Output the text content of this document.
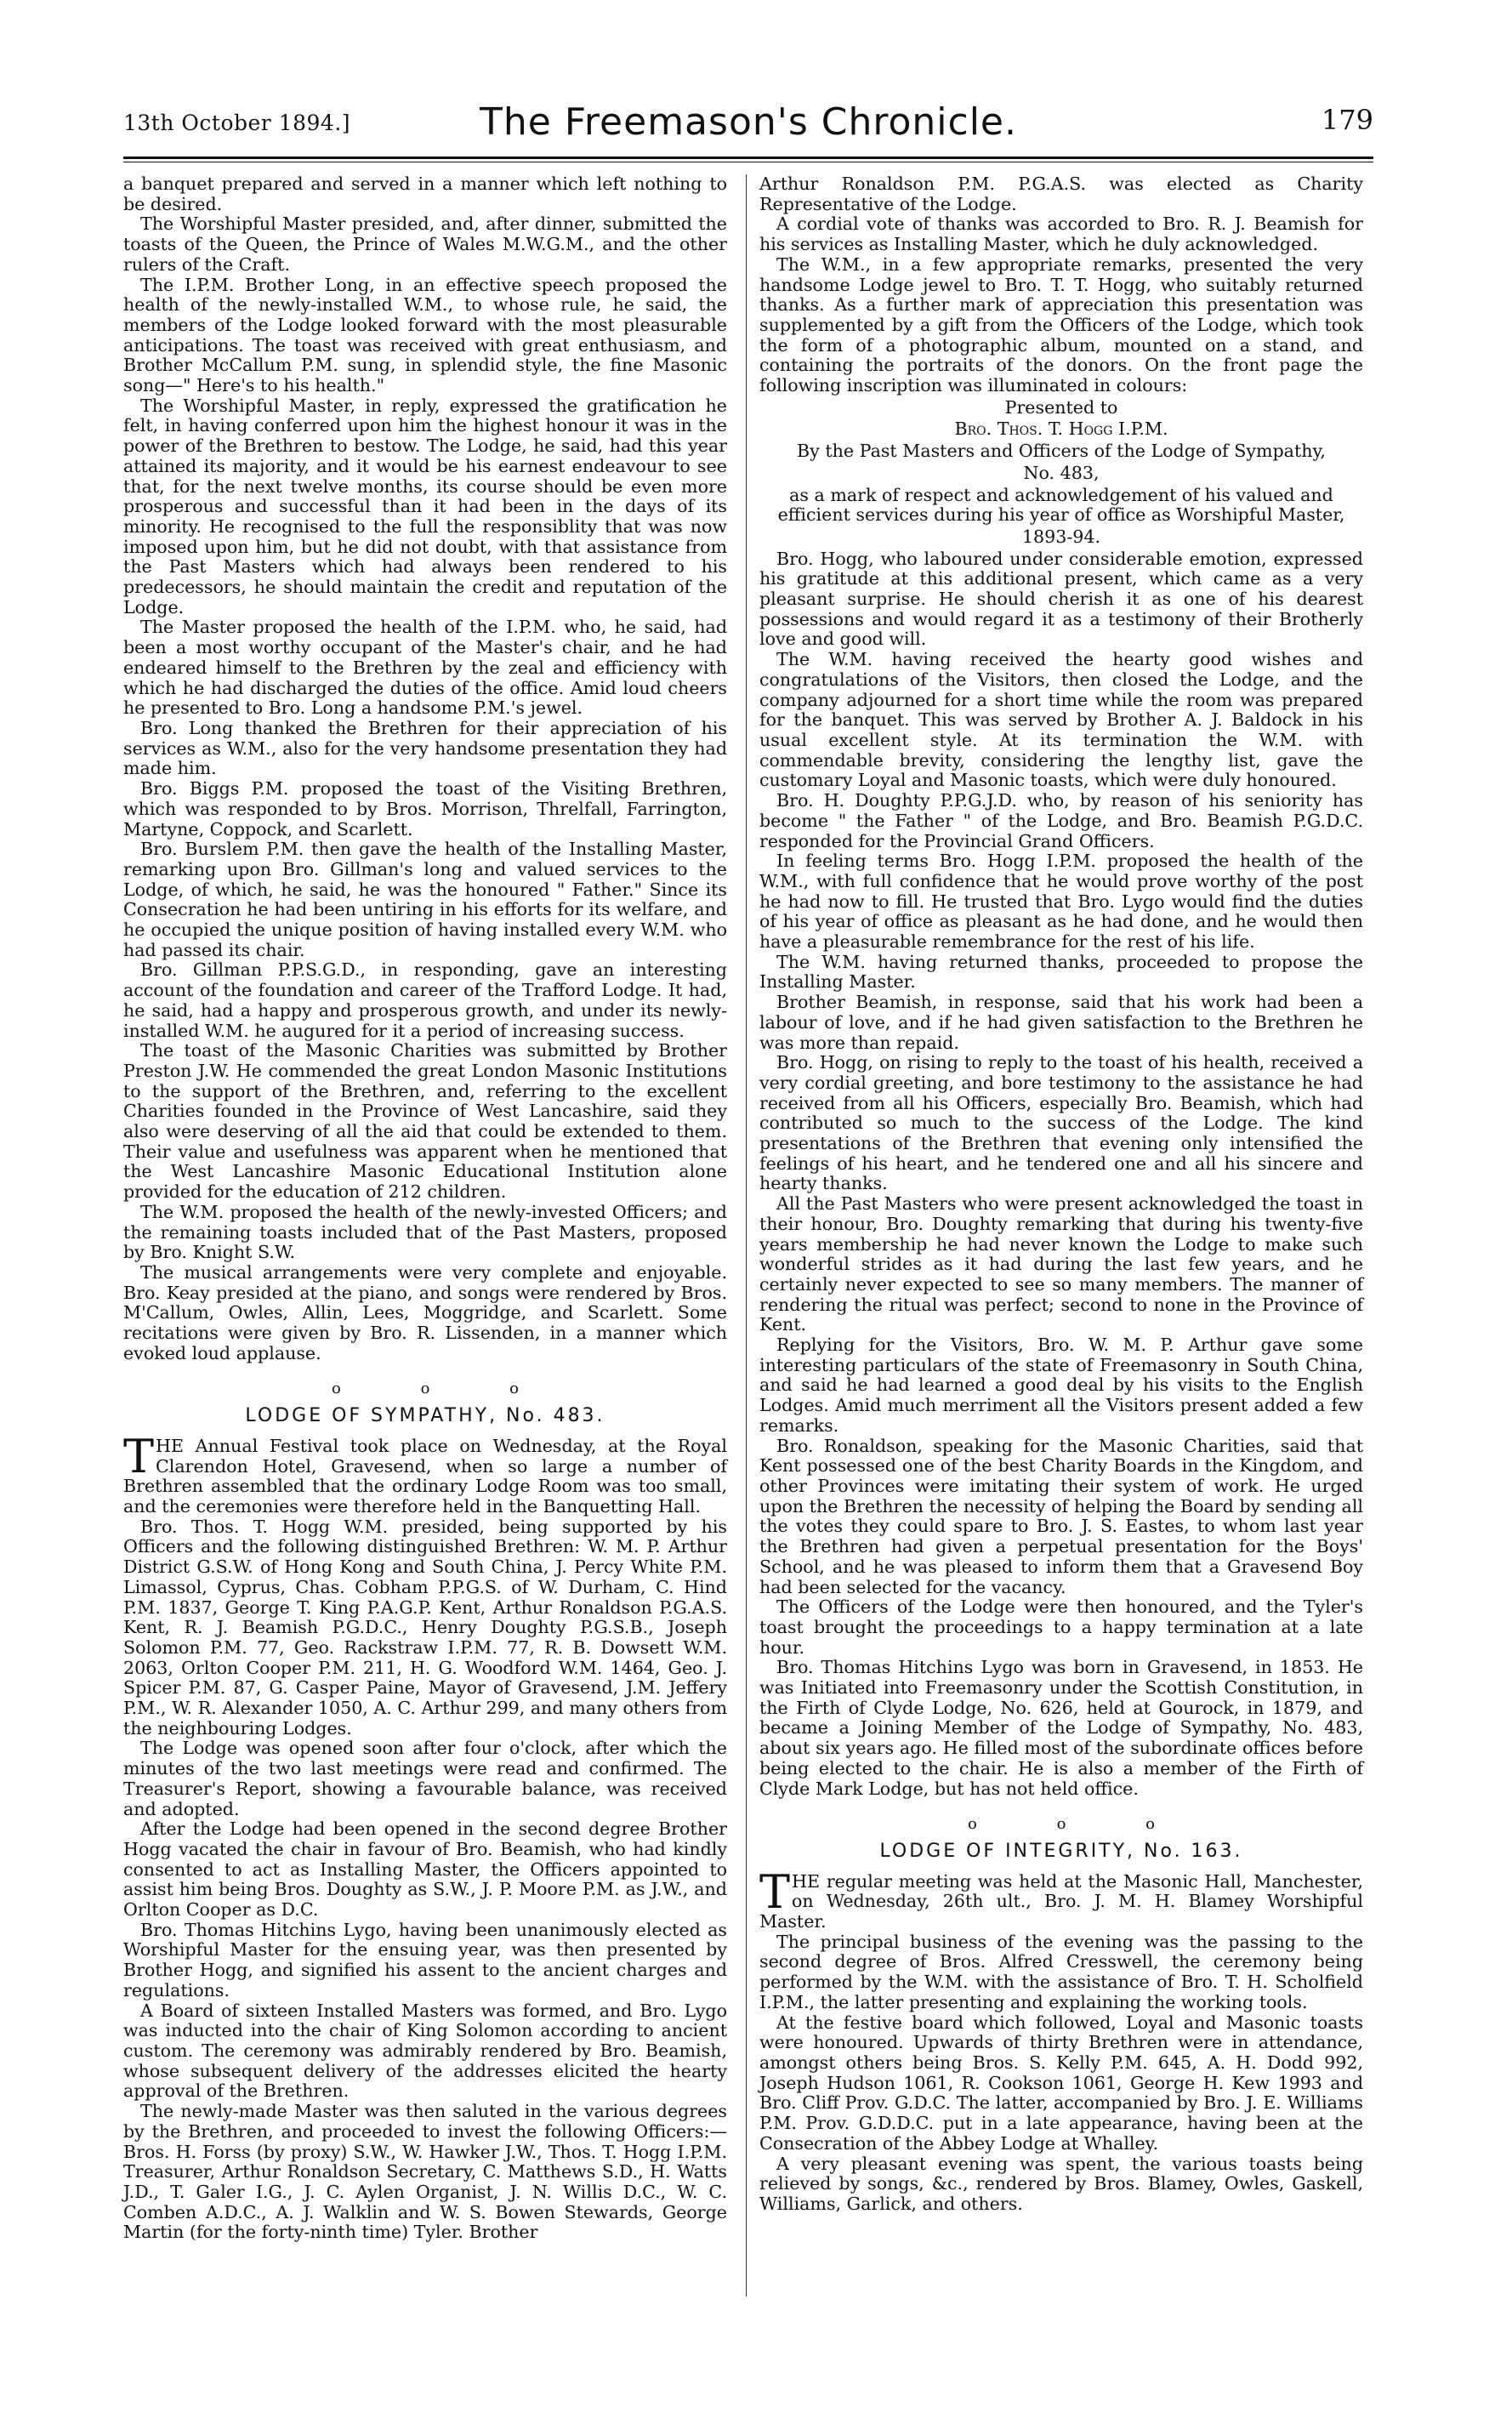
13th October 1894.]	The Freemason's Chronicle.	179

a banquet prepared and served in a manner which left nothing to be desired.

The Worshipful Master presided, and, after dinner, submitted the toasts of the Queen, the Prince of Wales M.W.G.M., and the other rulers of the Craft.

The I.P.M. Brother Long, in an effective speech proposed the health of the newly-installed W.M., to whose rule, he said, the members of the Lodge looked forward with the most pleasurable anticipations. The toast was received with great enthusiasm, and Brother McCallum P.M. sung, in splendid style, the fine Masonic song—" Here's to his health."

The Worshipful Master, in reply, expressed the gratification he felt, in having conferred upon him the highest honour it was in the power of the Brethren to bestow. The Lodge, he said, had this year attained its majority, and it would be his earnest endeavour to see that, for the next twelve months, its course should be even more prosperous and successful than it had been in the days of its minority. He recognised to the full the responsiblity that was now imposed upon him, but he did not doubt, with that assistance from the Past Masters which had always been rendered to his predecessors, he should maintain the credit and reputation of the Lodge.

The Master proposed the health of the I.P.M. who, he said, had been a most worthy occupant of the Master's chair, and he had endeared himself to the Brethren by the zeal and efficiency with which he had discharged the duties of the office. Amid loud cheers he presented to Bro. Long a handsome P.M.'s jewel.

Bro. Long thanked the Brethren for their appreciation of his services as W.M., also for the very handsome presentation they had made him.

Bro. Biggs P.M. proposed the toast of the Visiting Brethren, which was responded to by Bros. Morrison, Threlfall, Farrington, Martyne, Coppock, and Scarlett.

Bro. Burslem P.M. then gave the health of the Installing Master, remarking upon Bro. Gillman's long and valued services to the Lodge, of which, he said, he was the honoured " Father." Since its Consecration he had been untiring in his efforts for its welfare, and he occupied the unique position of having installed every W.M. who had passed its chair.

Bro. Gillman P.P.S.G.D., in responding, gave an interesting account of the foundation and career of the Trafford Lodge. It had, he said, had a happy and prosperous growth, and under its newly-installed W.M. he augured for it a period of increasing success.

The toast of the Masonic Charities was submitted by Brother Preston J.W. He commended the great London Masonic Institutions to the support of the Brethren, and, referring to the excellent Charities founded in the Province of West Lancashire, said they also were deserving of all the aid that could be extended to them. Their value and usefulness was apparent when he mentioned that the West Lancashire Masonic Educational Institution alone provided for the education of 212 children.

The W.M. proposed the health of the newly-invested Officers; and the remaining toasts included that of the Past Masters, proposed by Bro. Knight S.W.

The musical arrangements were very complete and enjoyable. Bro. Keay presided at the piano, and songs were rendered by Bros. M'Callum, Owles, Allin, Lees, Moggridge, and Scarlett. Some recitations were given by Bro. R. Lissenden, in a manner which evoked loud applause.

o o o
LODGE OF SYMPATHY, No. 483.

THE Annual Festival took place on Wednesday, at the Royal Clarendon Hotel, Gravesend, when so large a number of Brethren assembled that the ordinary Lodge Room was too small, and the ceremonies were therefore held in the Banquetting Hall.

Bro. Thos. T. Hogg W.M. presided, being supported by his Officers and the following distinguished Brethren: W. M. P. Arthur District G.S.W. of Hong Kong and South China, J. Percy White P.M. Limassol, Cyprus, Chas. Cobham P.P.G.S. of W. Durham, C. Hind P.M. 1837, George T. King P.A.G.P. Kent, Arthur Ronaldson P.G.A.S. Kent, R. J. Beamish P.G.D.C., Henry Doughty P.G.S.B., Joseph Solomon P.M. 77, Geo. Rackstraw I.P.M. 77, R. B. Dowsett W.M. 2063, Orlton Cooper P.M. 211, H. G. Woodford W.M. 1464, Geo. J. Spicer P.M. 87, G. Casper Paine, Mayor of Gravesend, J.M. Jeffery P.M., W. R. Alexander 1050, A. C. Arthur 299, and many others from the neighbouring Lodges.

The Lodge was opened soon after four o'clock, after which the minutes of the two last meetings were read and confirmed. The Treasurer's Report, showing a favourable balance, was received and adopted.

After the Lodge had been opened in the second degree Brother Hogg vacated the chair in favour of Bro. Beamish, who had kindly consented to act as Installing Master, the Officers appointed to assist him being Bros. Doughty as S.W., J. P. Moore P.M. as J.W., and Orlton Cooper as D.C.

Bro. Thomas Hitchins Lygo, having been unanimously elected as Worshipful Master for the ensuing year, was then presented by Brother Hogg, and signified his assent to the ancient charges and regulations.

A Board of sixteen Installed Masters was formed, and Bro. Lygo was inducted into the chair of King Solomon according to ancient custom. The ceremony was admirably rendered by Bro. Beamish, whose subsequent delivery of the addresses elicited the hearty approval of the Brethren.

The newly-made Master was then saluted in the various degrees by the Brethren, and proceeded to invest the following Officers:— Bros. H. Forss (by proxy) S.W., W. Hawker J.W., Thos. T. Hogg I.P.M. Treasurer, Arthur Ronaldson Secretary, C. Matthews S.D., H. Watts J.D., T. Galer I.G., J. C. Aylen Organist, J. N. Willis D.C., W. C. Comben A.D.C., A. J. Walklin and W. S. Bowen Stewards, George Martin (for the forty-ninth time) Tyler. Brother

Arthur Ronaldson P.M. P.G.A.S. was elected as Charity Representative of the Lodge.

A cordial vote of thanks was accorded to Bro. R. J. Beamish for his services as Installing Master, which he duly acknowledged.

The W.M., in a few appropriate remarks, presented the very handsome Lodge jewel to Bro. T. T. Hogg, who suitably returned thanks. As a further mark of appreciation this presentation was supplemented by a gift from the Officers of the Lodge, which took the form of a photographic album, mounted on a stand, and containing the portraits of the donors. On the front page the following inscription was illuminated in colours:

Presented to

Bro. Thos. T. Hogg I.P.M.

By the Past Masters and Officers of the Lodge of Sympathy,

No. 483,

as a mark of respect and acknowledgement of his valued and efficient services during his year of office as Worshipful Master,

1893-94.

Bro. Hogg, who laboured under considerable emotion, expressed his gratitude at this additional present, which came as a very pleasant surprise. He should cherish it as one of his dearest possessions and would regard it as a testimony of their Brotherly love and good will.

The W.M. having received the hearty good wishes and congratulations of the Visitors, then closed the Lodge, and the company adjourned for a short time while the room was prepared for the banquet. This was served by Brother A. J. Baldock in his usual excellent style. At its termination the W.M. with commendable brevity, considering the lengthy list, gave the customary Loyal and Masonic toasts, which were duly honoured.

Bro. H. Doughty P.P.G.J.D. who, by reason of his seniority has become " the Father " of the Lodge, and Bro. Beamish P.G.D.C. responded for the Provincial Grand Officers.

In feeling terms Bro. Hogg I.P.M. proposed the health of the W.M., with full confidence that he would prove worthy of the post he had now to fill. He trusted that Bro. Lygo would find the duties of his year of office as pleasant as he had done, and he would then have a pleasurable remembrance for the rest of his life.

The W.M. having returned thanks, proceeded to propose the Installing Master.

Brother Beamish, in response, said that his work had been a labour of love, and if he had given satisfaction to the Brethren he was more than repaid.

Bro. Hogg, on rising to reply to the toast of his health, received a very cordial greeting, and bore testimony to the assistance he had received from all his Officers, especially Bro. Beamish, which had contributed so much to the success of the Lodge. The kind presentations of the Brethren that evening only intensified the feelings of his heart, and he tendered one and all his sincere and hearty thanks.

All the Past Masters who were present acknowledged the toast in their honour, Bro. Doughty remarking that during his twenty-five years membership he had never known the Lodge to make such wonderful strides as it had during the last few years, and he certainly never expected to see so many members. The manner of rendering the ritual was perfect; second to none in the Province of Kent.

Replying for the Visitors, Bro. W. M. P. Arthur gave some interesting particulars of the state of Freemasonry in South China, and said he had learned a good deal by his visits to the English Lodges. Amid much merriment all the Visitors present added a few remarks.

Bro. Ronaldson, speaking for the Masonic Charities, said that Kent possessed one of the best Charity Boards in the Kingdom, and other Provinces were imitating their system of work. He urged upon the Brethren the necessity of helping the Board by sending all the votes they could spare to Bro. J. S. Eastes, to whom last year the Brethren had given a perpetual presentation for the Boys' School, and he was pleased to inform them that a Gravesend Boy had been selected for the vacancy.

The Officers of the Lodge were then honoured, and the Tyler's toast brought the proceedings to a happy termination at a late hour.

Bro. Thomas Hitchins Lygo was born in Gravesend, in 1853. He was Initiated into Freemasonry under the Scottish Constitution, in the Firth of Clyde Lodge, No. 626, held at Gourock, in 1879, and became a Joining Member of the Lodge of Sympathy, No. 483, about six years ago. He filled most of the subordinate offices before being elected to the chair. He is also a member of the Firth of Clyde Mark Lodge, but has not held office.

o o o
LODGE OF INTEGRITY, No. 163.

THE regular meeting was held at the Masonic Hall, Manchester, on Wednesday, 26th ult., Bro. J. M. H. Blamey Worshipful Master.

The principal business of the evening was the passing to the second degree of Bros. Alfred Cresswell, the ceremony being performed by the W.M. with the assistance of Bro. T. H. Scholfield I.P.M., the latter presenting and explaining the working tools.

At the festive board which followed, Loyal and Masonic toasts were honoured. Upwards of thirty Brethren were in attendance, amongst others being Bros. S. Kelly P.M. 645, A. H. Dodd 992, Joseph Hudson 1061, R. Cookson 1061, George H. Kew 1993 and Bro. Cliff Prov. G.D.C. The latter, accompanied by Bro. J. E. Williams P.M. Prov. G.D.D.C. put in a late appearance, having been at the Consecration of the Abbey Lodge at Whalley.

A very pleasant evening was spent, the various toasts being relieved by songs, &c., rendered by Bros. Blamey, Owles, Gaskell, Williams, Garlick, and others.
